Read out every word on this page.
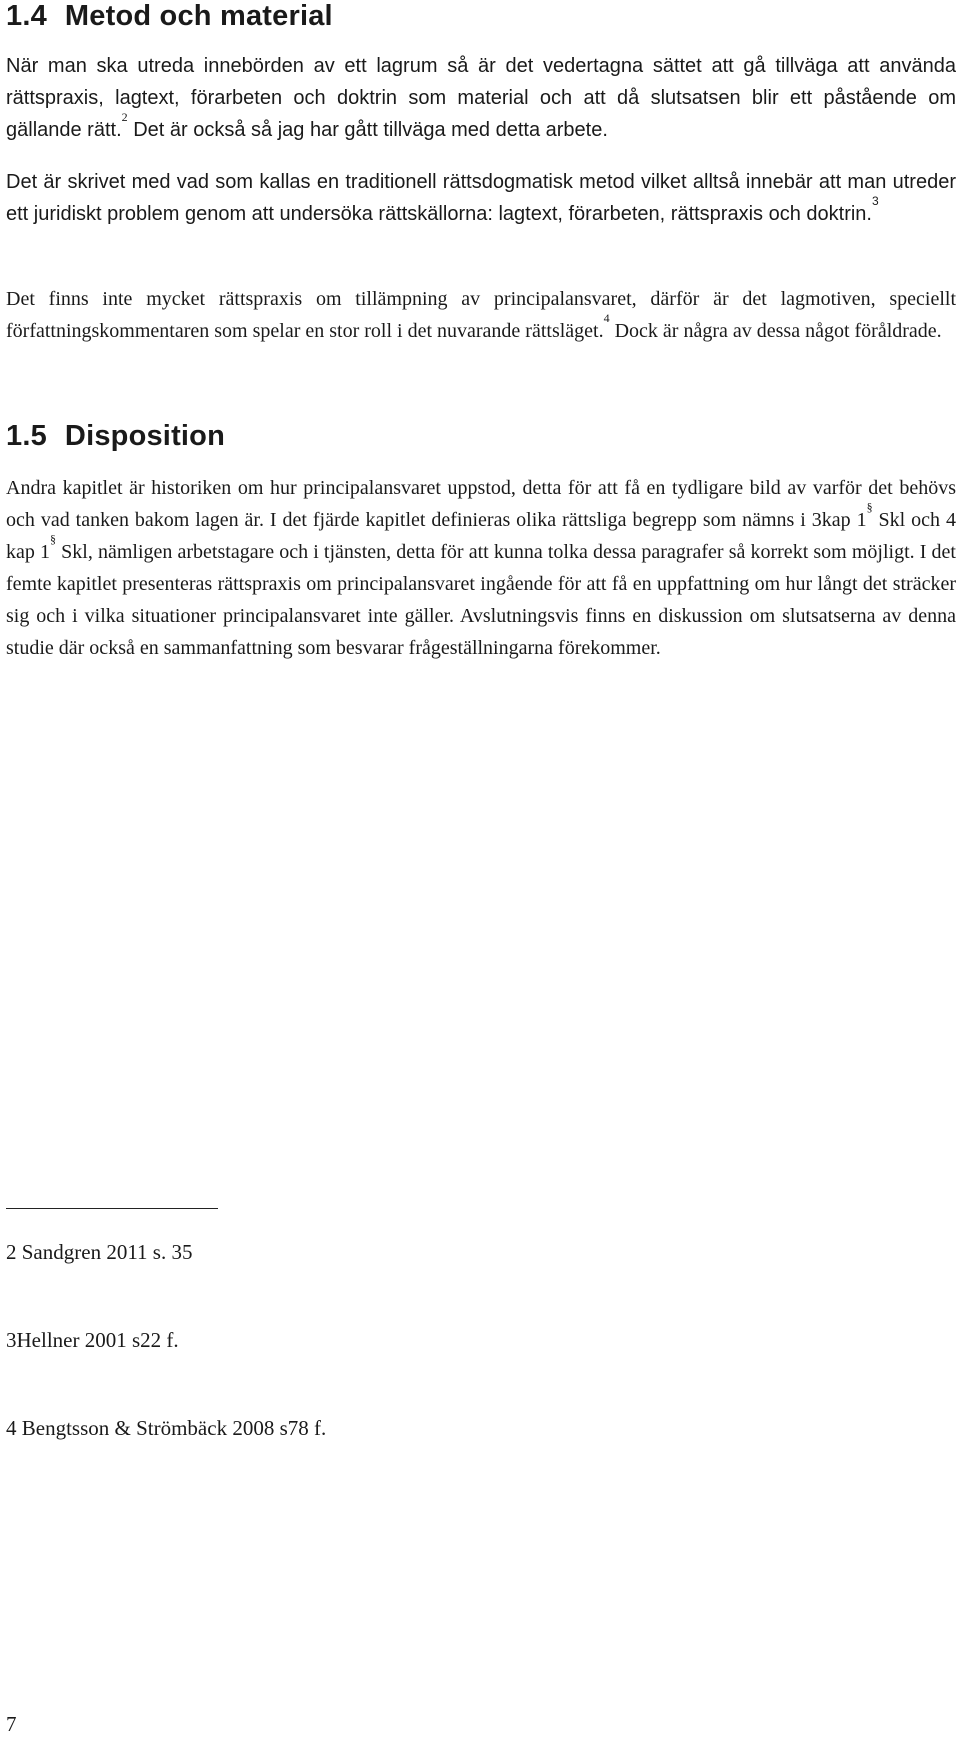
1.4 Metod och material

När man ska utreda innebörden av ett lagrum så är det vedertagna sättet att gå tillväga att använda rättspraxis, lagtext, förarbeten och doktrin som material och att då slutsatsen blir ett påstående om gällande rätt.$^2$ Det är också så jag har gått tillväga med detta arbete.

Det är skrivet med vad som kallas en traditionell rättsdogmatisk metod vilket alltså innebär att man utreder ett juridiskt problem genom att undersöka rättskällorna: lagtext, förarbeten, rättspraxis och doktrin.$^3$

Det finns inte mycket rättspraxis om tillämpning av principalansvaret, därför är det lagmotiven, speciellt författningskommentaren som spelar en stor roll i det nuvarande rättsläget.$^4$ Dock är några av dessa något föråldrade.

1.5 Disposition

Andra kapitlet är historiken om hur principalansvaret uppstod, detta för att få en tydligare bild av varför det behövs och vad tanken bakom lagen är. I det fjärde kapitlet definieras olika rättsliga begrepp som nämns i 3kap 1§ Skl och 4 kap 1§ Skl, nämligen arbetstagare och i tjänsten, detta för att kunna tolka dessa paragrafer så korrekt som möjligt. I det femte kapitlet presenteras rättspraxis om principalansvaret ingående för att få en uppfattning om hur långt det sträcker sig och i vilka situationer principalansvaret inte gäller. Avslutningsvis finns en diskussion om slutsatserna av denna studie där också en sammanfattning som besvarar frågeställningarna förekommer.

2 Sandgren 2011 s. 35
3Hellner 2001 s22 f.
4 Bengtsson & Strömbäck 2008 s78 f.
7
